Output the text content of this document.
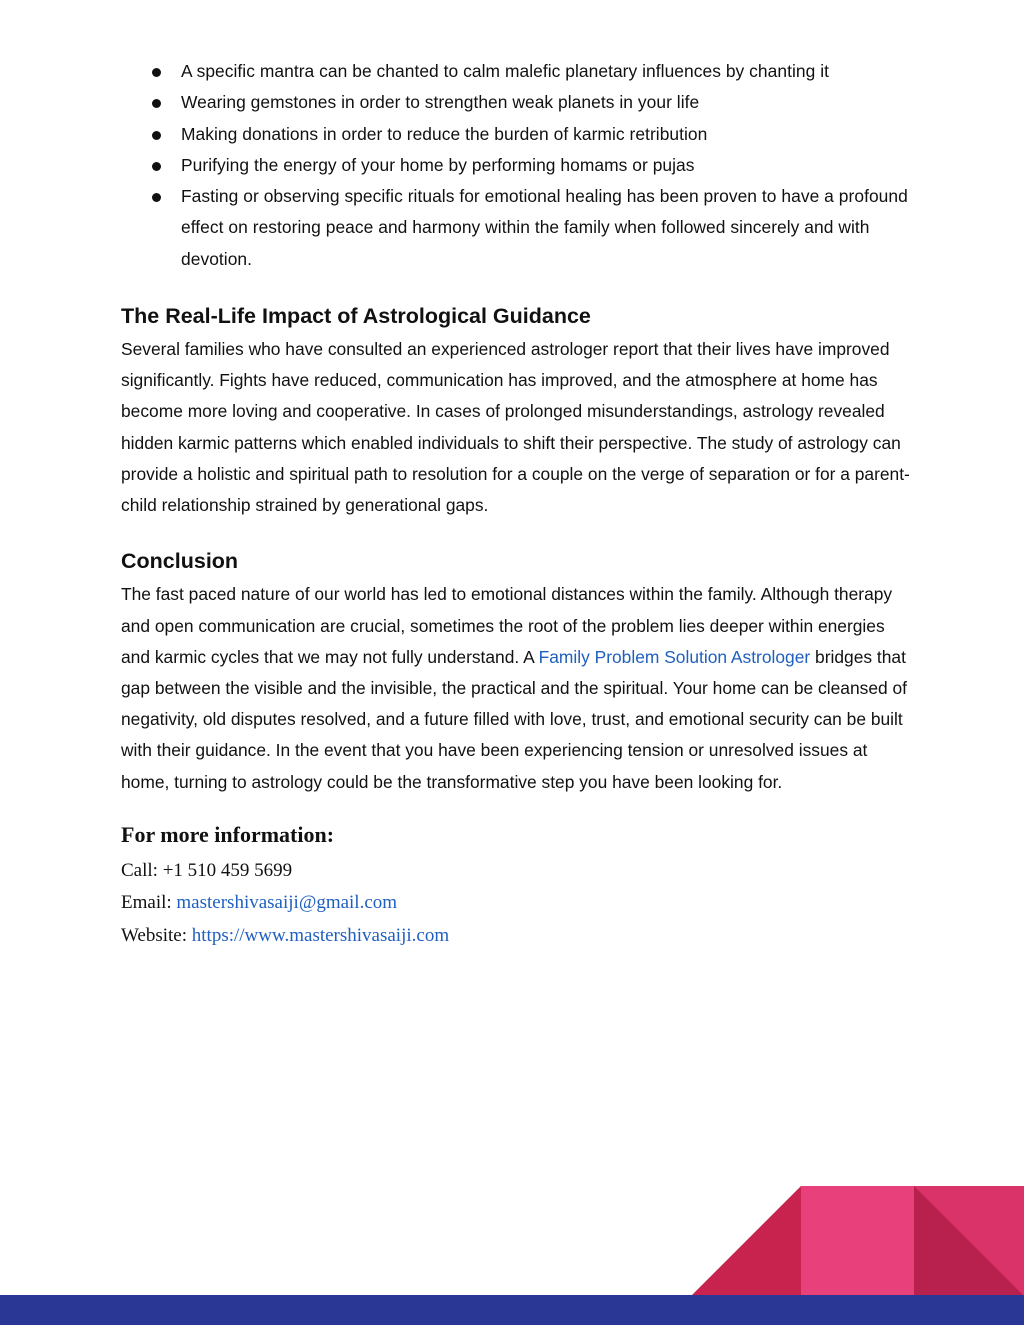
A specific mantra can be chanted to calm malefic planetary influences by chanting it
Wearing gemstones in order to strengthen weak planets in your life
Making donations in order to reduce the burden of karmic retribution
Purifying the energy of your home by performing homams or pujas
Fasting or observing specific rituals for emotional healing has been proven to have a profound effect on restoring peace and harmony within the family when followed sincerely and with devotion.
The Real-Life Impact of Astrological Guidance

Several families who have consulted an experienced astrologer report that their lives have improved significantly. Fights have reduced, communication has improved, and the atmosphere at home has become more loving and cooperative. In cases of prolonged misunderstandings, astrology revealed hidden karmic patterns which enabled individuals to shift their perspective. The study of astrology can provide a holistic and spiritual path to resolution for a couple on the verge of separation or for a parent-child relationship strained by generational gaps.

Conclusion

The fast paced nature of our world has led to emotional distances within the family. Although therapy and open communication are crucial, sometimes the root of the problem lies deeper within energies and karmic cycles that we may not fully understand. A Family Problem Solution Astrologer bridges that gap between the visible and the invisible, the practical and the spiritual. Your home can be cleansed of negativity, old disputes resolved, and a future filled with love, trust, and emotional security can be built with their guidance. In the event that you have been experiencing tension or unresolved issues at home, turning to astrology could be the transformative step you have been looking for.

For more information:
Call: +1 510 459 5699
Email: mastershivasaiji@gmail.com
Website: https://www.mastershivasaiji.com
